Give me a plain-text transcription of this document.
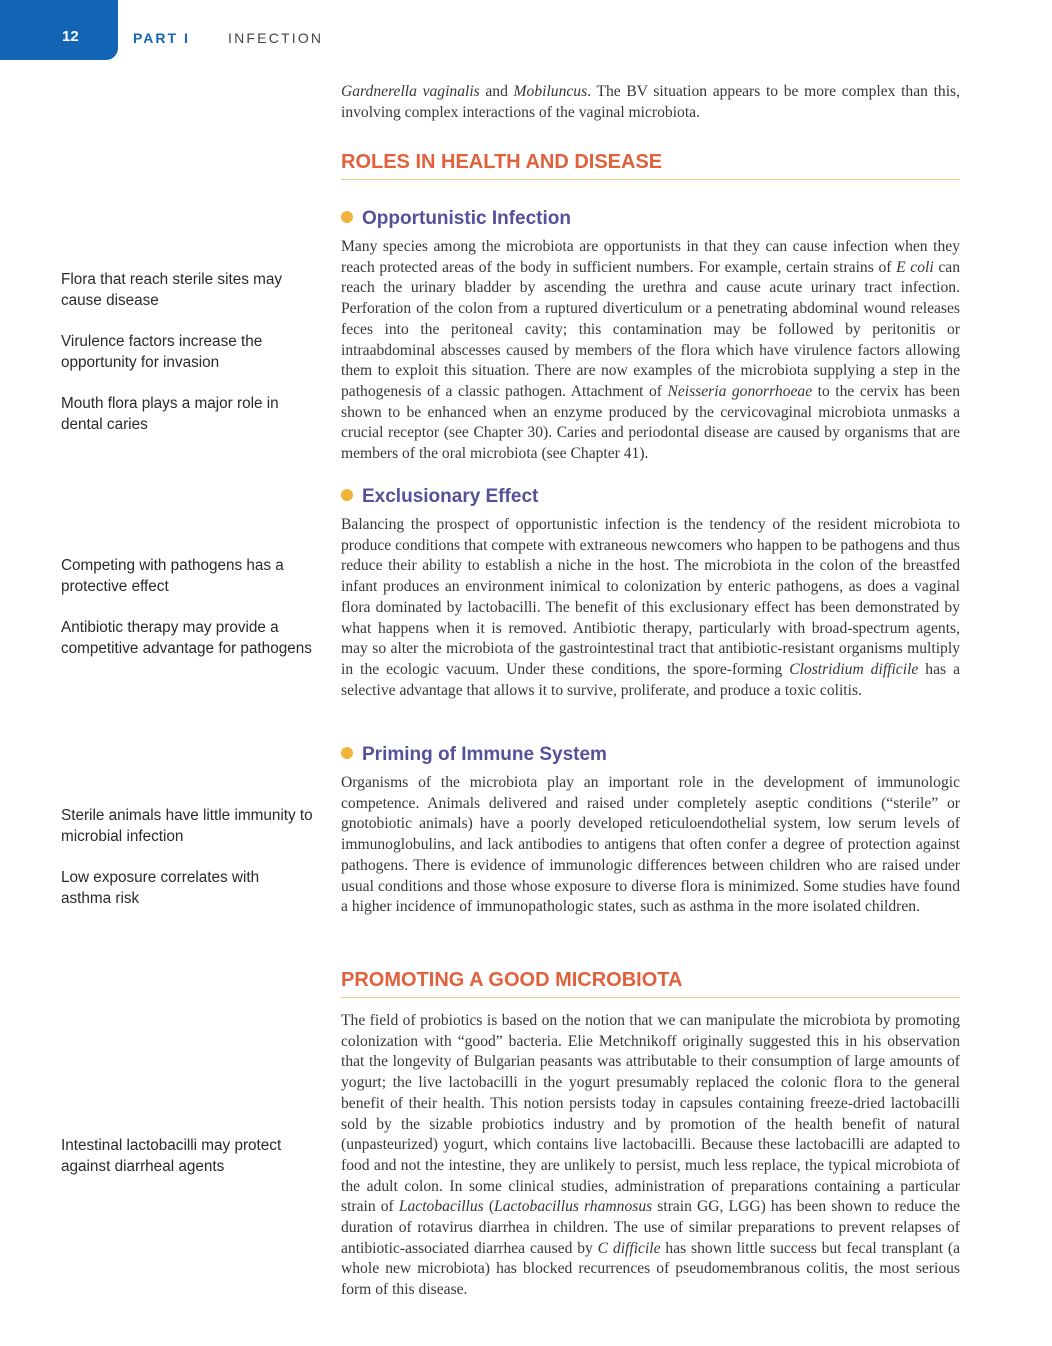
12	PART I	INFECTION

Gardnerella vaginalis and Mobiluncus. The BV situation appears to be more complex than this, involving complex interactions of the vaginal microbiota.

ROLES IN HEALTH AND DISEASE
Opportunistic Infection

Many species among the microbiota are opportunists in that they can cause infection when they reach protected areas of the body in sufficient numbers. For example, certain strains of E coli can reach the urinary bladder by ascending the urethra and cause acute urinary tract infection. Perforation of the colon from a ruptured diverticulum or a penetrating abdominal wound releases feces into the peritoneal cavity; this contamination may be followed by peritonitis or intraabdominal abscesses caused by members of the flora which have virulence factors allowing them to exploit this situation. There are now examples of the microbiota supplying a step in the pathogenesis of a classic pathogen. Attachment of Neisseria gonorrhoeae to the cervix has been shown to be enhanced when an enzyme produced by the cervicovaginal microbiota unmasks a crucial receptor (see Chapter 30). Caries and periodontal disease are caused by organisms that are members of the oral microbiota (see Chapter 41).

Exclusionary Effect

Balancing the prospect of opportunistic infection is the tendency of the resident microbiota to produce conditions that compete with extraneous newcomers who happen to be pathogens and thus reduce their ability to establish a niche in the host. The microbiota in the colon of the breastfed infant produces an environment inimical to colonization by enteric pathogens, as does a vaginal flora dominated by lactobacilli. The benefit of this exclusionary effect has been demonstrated by what happens when it is removed. Antibiotic therapy, particularly with broad-spectrum agents, may so alter the microbiota of the gastrointestinal tract that antibiotic-resistant organisms multiply in the ecologic vacuum. Under these conditions, the spore-forming Clostridium difficile has a selective advantage that allows it to survive, proliferate, and produce a toxic colitis.

Priming of Immune System

Organisms of the microbiota play an important role in the development of immunologic competence. Animals delivered and raised under completely aseptic conditions (“sterile” or gnotobiotic animals) have a poorly developed reticuloendothelial system, low serum levels of immunoglobulins, and lack antibodies to antigens that often confer a degree of protection against pathogens. There is evidence of immunologic differences between children who are raised under usual conditions and those whose exposure to diverse flora is minimized. Some studies have found a higher incidence of immunopathologic states, such as asthma in the more isolated children.

PROMOTING A GOOD MICROBIOTA

The field of probiotics is based on the notion that we can manipulate the microbiota by promoting colonization with “good” bacteria. Elie Metchnikoff originally suggested this in his observation that the longevity of Bulgarian peasants was attributable to their consumption of large amounts of yogurt; the live lactobacilli in the yogurt presumably replaced the colonic flora to the general benefit of their health. This notion persists today in capsules containing freeze-dried lactobacilli sold by the sizable probiotics industry and by promotion of the health benefit of natural (unpasteurized) yogurt, which contains live lactobacilli. Because these lactobacilli are adapted to food and not the intestine, they are unlikely to persist, much less replace, the typical microbiota of the adult colon. In some clinical studies, administration of preparations containing a particular strain of Lactobacillus (Lactobacillus rhamnosus strain GG, LGG) has been shown to reduce the duration of rotavirus diarrhea in children. The use of similar preparations to prevent relapses of antibiotic-associated diarrhea caused by C difficile has shown little success but fecal transplant (a whole new microbiota) has blocked recurrences of pseudomembranous colitis, the most serious form of this disease.

Flora that reach sterile sites may cause disease

Virulence factors increase the opportunity for invasion

Mouth flora plays a major role in dental caries

Competing with pathogens has a protective effect

Antibiotic therapy may provide a competitive advantage for pathogens

Sterile animals have little immunity to microbial infection

Low exposure correlates with asthma risk

Intestinal lactobacilli may protect against diarrheal agents
